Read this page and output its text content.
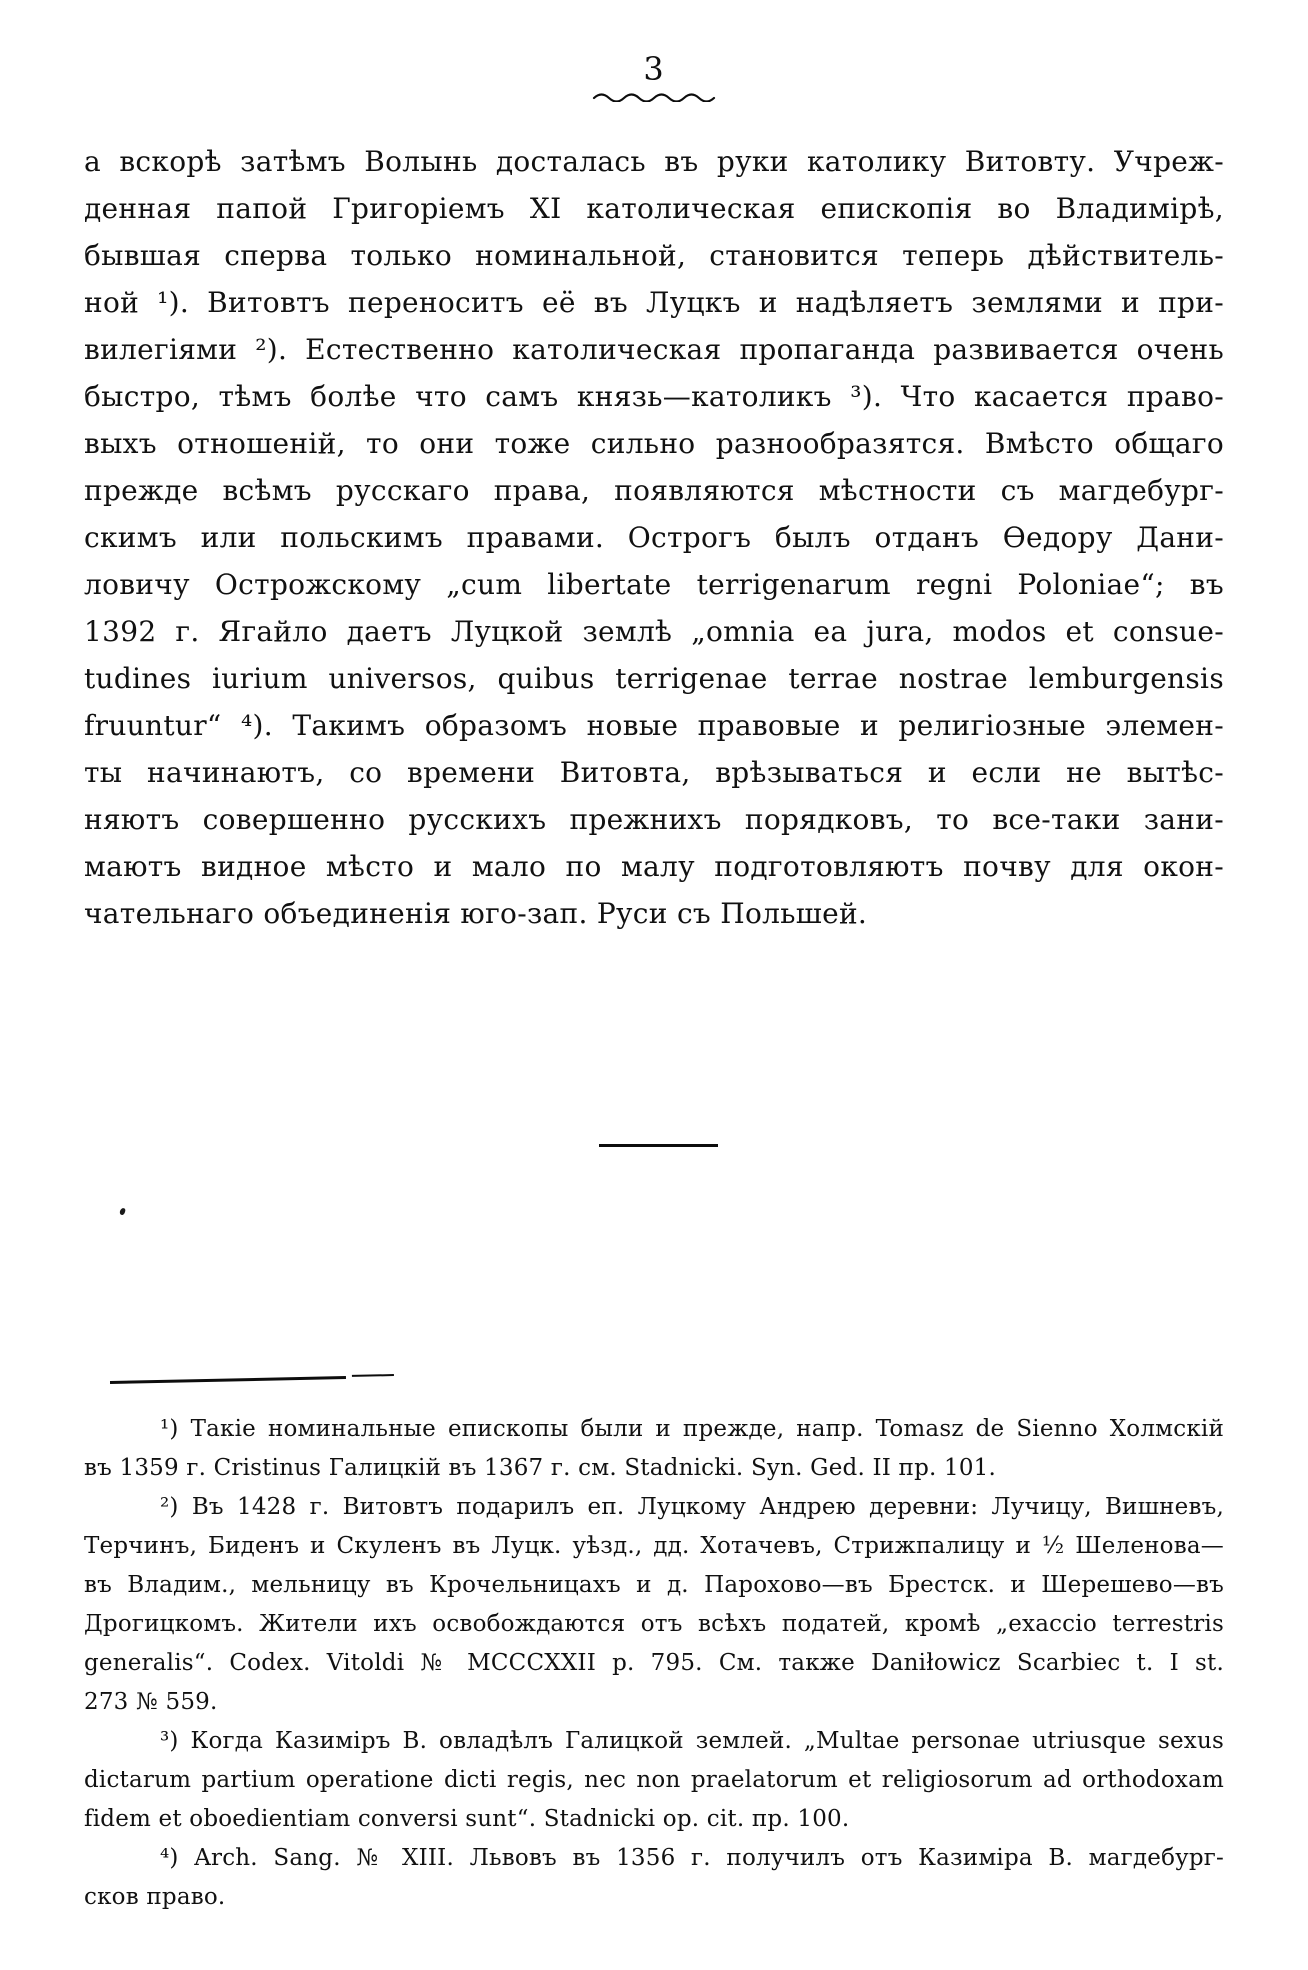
3
а вскорѣ затѣмъ Волынь досталась въ руки католику Витовту. Учреж-
денная папой Григоріемъ XI католическая епископія во Владимірѣ,
бывшая сперва только номинальной, становится теперь дѣйствитель-
ной ¹). Витовтъ переноситъ её въ Луцкъ и надѣляетъ землями и при-
вилегіями ²). Естественно католическая пропаганда развивается очень
быстро, тѣмъ болѣе что самъ князь—католикъ ³). Что касается право-
выхъ отношеній, то они тоже сильно разнообразятся. Вмѣсто общаго
прежде всѣмъ русскаго права, появляются мѣстности съ магдебург-
скимъ или польскимъ правами. Острогъ былъ отданъ Ѳедору Дани-
ловичу Острожскому „cum libertate terrigenarum regni Poloniae“; въ
1392 г. Ягайло даетъ Луцкой землѣ „omnia ea jura, modos et consue-
tudines iurium universos, quibus terrigenae terrae nostrae lemburgensis
fruuntur“ ⁴). Такимъ образомъ новые правовые и религіозные элемен-
ты начинаютъ, со времени Витовта, врѣзываться и если не вытѣс-
няютъ совершенно русскихъ прежнихъ порядковъ, то все-таки зани-
маютъ видное мѣсто и мало по малу подготовляютъ почву для окон-
чательнаго объединенія юго-зап. Руси съ Польшей.
¹) Такіе номинальные епископы были и прежде, напр. Tomasz de Sienno Холмскій
въ 1359 г. Cristinus Галицкій въ 1367 г. см. Stadnicki. Syn. Ged. II пр. 101.
²) Въ 1428 г. Витовтъ подарилъ еп. Луцкому Андрею деревни: Лучицу, Вишневъ,
Терчинъ, Биденъ и Скуленъ въ Луцк. уѣзд., дд. Хотачевъ, Стрижпалицу и ½ Шеленова—
въ Владим., мельницу въ Крочельницахъ и д. Парохово—въ Брестск. и Шерешево—въ
Дрогицкомъ. Жители ихъ освобождаются отъ всѣхъ податей, кромѣ „exaccio terrestris
generalis“. Codex. Vitoldi № MCCCXXII p. 795. См. также Daniłowicz Scarbiec t. I st.
273 № 559.
³) Когда Казиміръ В. овладѣлъ Галицкой землей. „Multae personae utriusque sexus
dictarum partium operatione dicti regis, nec non praelatorum et religiosorum ad orthodoxam
fidem et oboedientiam conversi sunt“. Stadnicki op. cit. пр. 100.
⁴) Arch. Sang. № XIII. Львовъ въ 1356 г. получилъ отъ Казиміра В. магдебург-
сков право.
